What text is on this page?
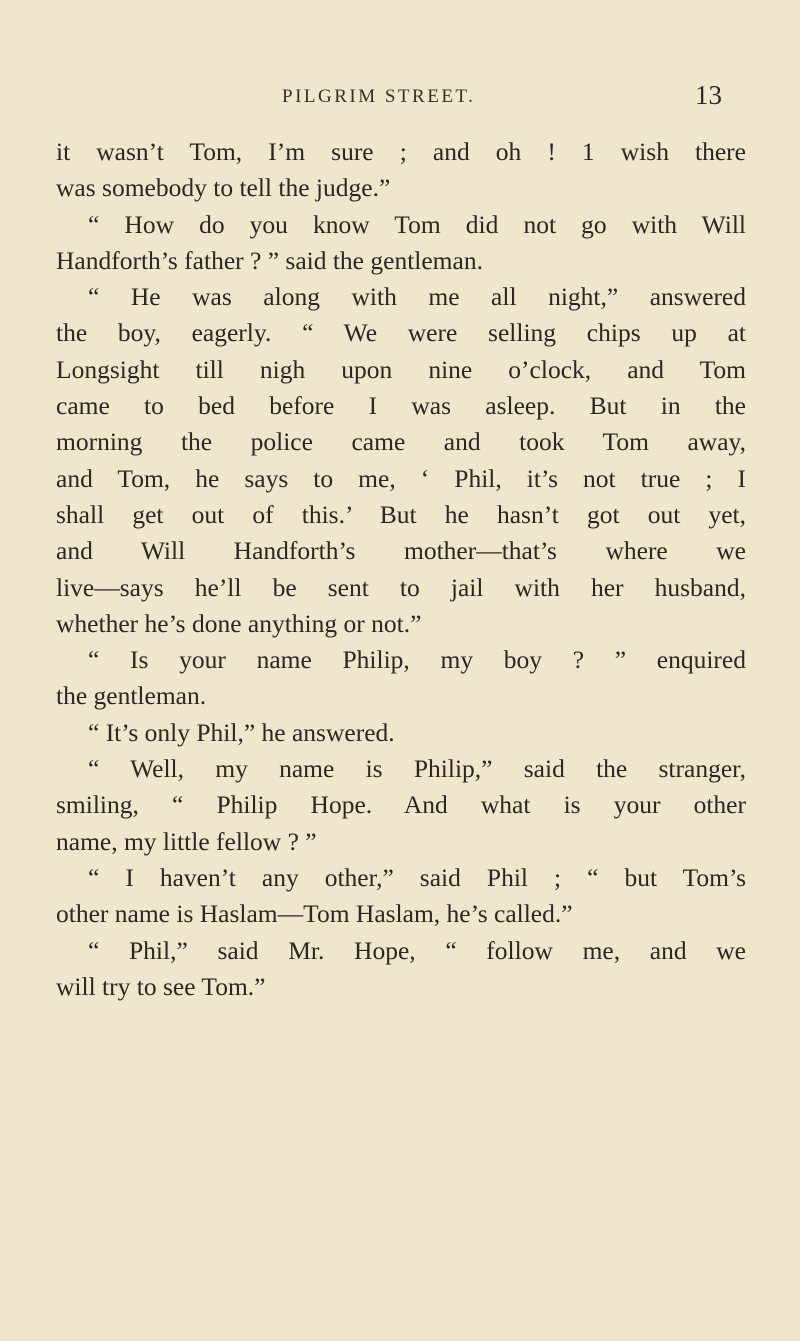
PILGRIM STREET.	13
it wasn’t Tom, I’m sure ; and oh ! 1 wish there
was somebody to tell the judge.”
“ How do you know Tom did not go with Will
Handforth’s father ? ” said the gentleman.
“ He was along with me all night,” answered
the boy, eagerly. “ We were selling chips up at
Longsight till nigh upon nine o’clock, and Tom
came to bed before I was asleep. But in the
morning the police came and took Tom away,
and Tom, he says to me, ‘ Phil, it’s not true ; I
shall get out of this.’ But he hasn’t got out yet,
and Will Handforth’s mother—that’s where we
live—says he’ll be sent to jail with her husband,
whether he’s done anything or not.”
“ Is your name Philip, my boy ? ” enquired
the gentleman.
“ It’s only Phil,” he answered.
“ Well, my name is Philip,” said the stranger,
smiling, “ Philip Hope. And what is your other
name, my little fellow ? ”
“ I haven’t any other,” said Phil ; “ but Tom’s
other name is Haslam—Tom Haslam, he’s called.”
“ Phil,” said Mr. Hope, “ follow me, and we
will try to see Tom.”
